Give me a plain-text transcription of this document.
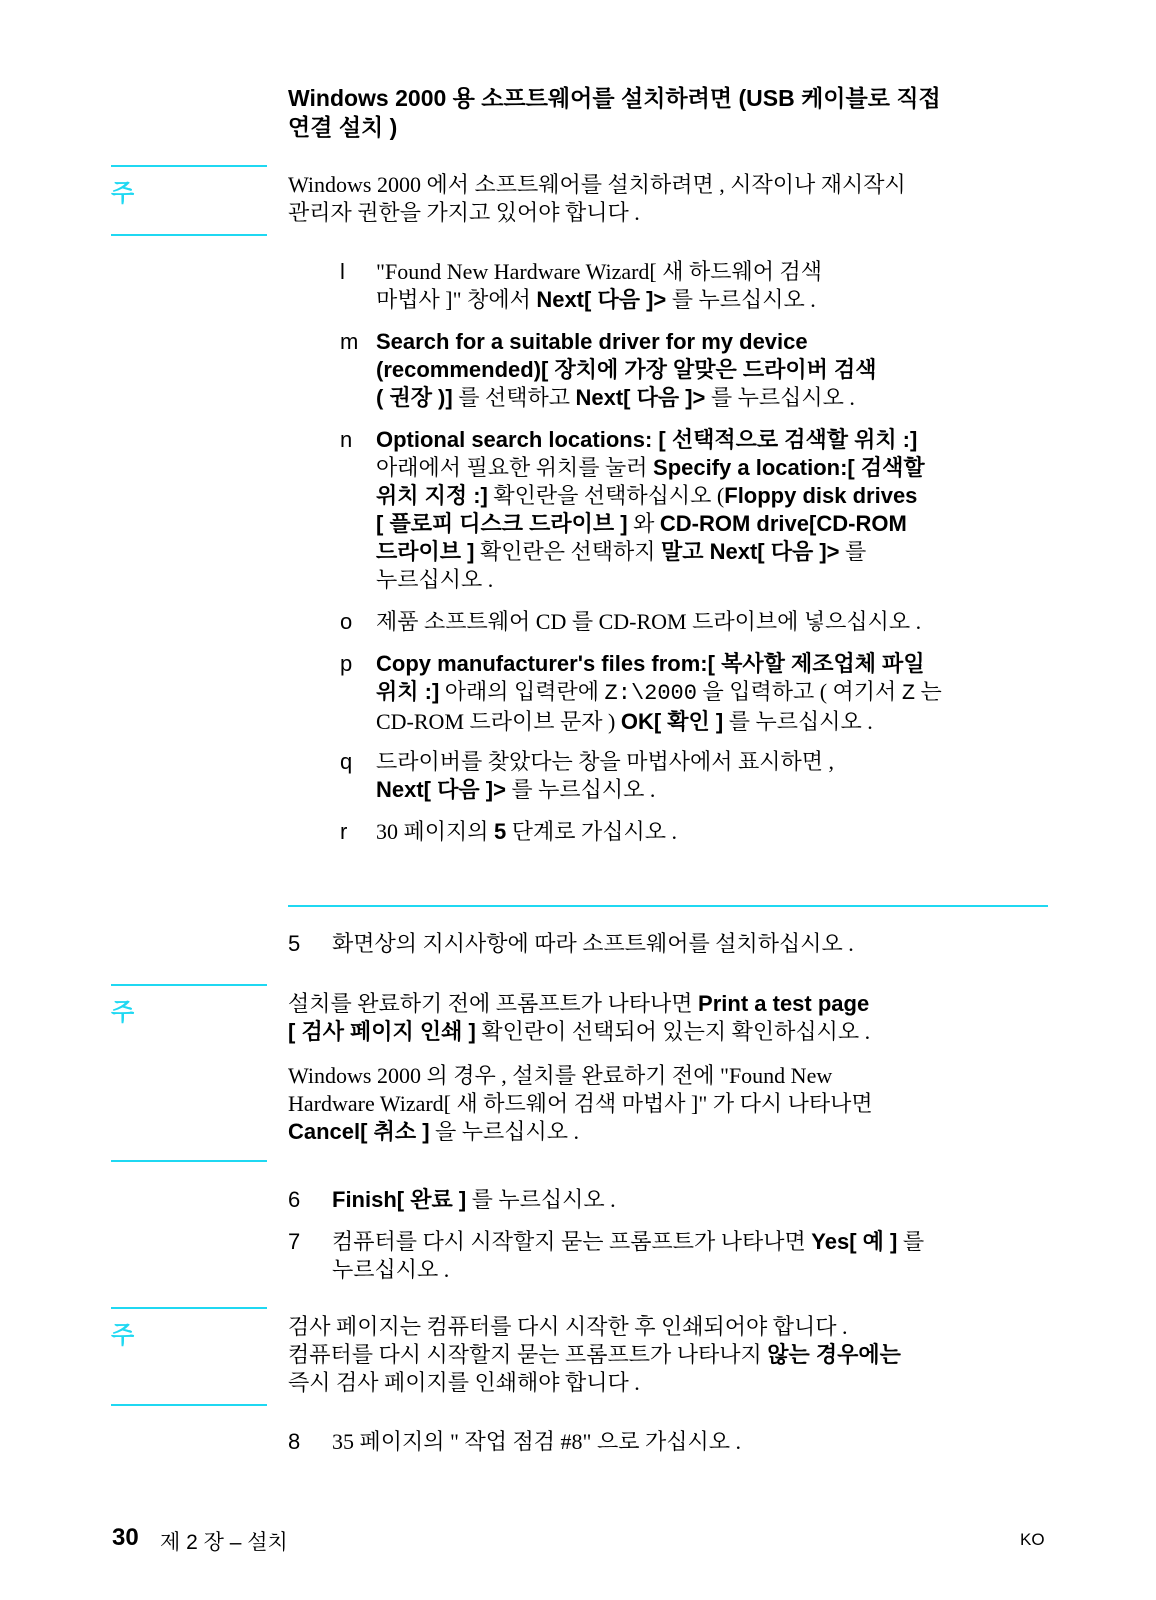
Windows 2000 용 소프트웨어를 설치하려면 (USB 케이블로 직접
연결 설치 )
주	Windows 2000 에서 소프트웨어를 설치하려면 , 시작이나 재시작시
관리자 권한을 가지고 있어야 합니다 .
l "Found New Hardware Wizard[ 새 하드웨어 검색
마법사 ]" 창에서 Next[ 다음 ]> 를 누르십시오 .
m Search for a suitable driver for my device
(recommended)[ 장치에 가장 알맞은 드라이버 검색
( 권장 )] 를 선택하고 Next[ 다음 ]> 를 누르십시오 .
n Optional search locations: [ 선택적으로 검색할 위치 :]
아래에서 필요한 위치를 눌러 Specify a location:[ 검색할
위치 지정 :] 확인란을 선택하십시오 (Floppy disk drives
[ 플로피 디스크 드라이브 ] 와 CD-ROM drive[CD-ROM
드라이브 ] 확인란은 선택하지 말고 Next[ 다음 ]> 를
누르십시오 .
o 제품 소프트웨어 CD 를 CD-ROM 드라이브에 넣으십시오 .
p Copy manufacturer's files from:[ 복사할 제조업체 파일
위치 :] 아래의 입력란에 Z:\2000 을 입력하고 ( 여기서 Z 는
CD-ROM 드라이브 문자 ) OK[ 확인 ] 를 누르십시오 .
q 드라이버를 찾았다는 창을 마법사에서 표시하면 ,
Next[ 다음 ]> 를 누르십시오 .
r 30 페이지의 5 단계로 가십시오 .
5 화면상의 지시사항에 따라 소프트웨어를 설치하십시오 .
주	설치를 완료하기 전에 프롬프트가 나타나면 Print a test page
[ 검사 페이지 인쇄 ] 확인란이 선택되어 있는지 확인하십시오 .
Windows 2000 의 경우 , 설치를 완료하기 전에 "Found New
Hardware Wizard[ 새 하드웨어 검색 마법사 ]" 가 다시 나타나면
Cancel[ 취소 ] 을 누르십시오 .
6 Finish[ 완료 ] 를 누르십시오 .
7 컴퓨터를 다시 시작할지 묻는 프롬프트가 나타나면 Yes[ 예 ] 를
누르십시오 .
주	검사 페이지는 컴퓨터를 다시 시작한 후 인쇄되어야 합니다 .
컴퓨터를 다시 시작할지 묻는 프롬프트가 나타나지 않는 경우에는
즉시 검사 페이지를 인쇄해야 합니다 .
8 35 페이지의 " 작업 점검 #8" 으로 가십시오 .
30 제 2 장 – 설치	KO
